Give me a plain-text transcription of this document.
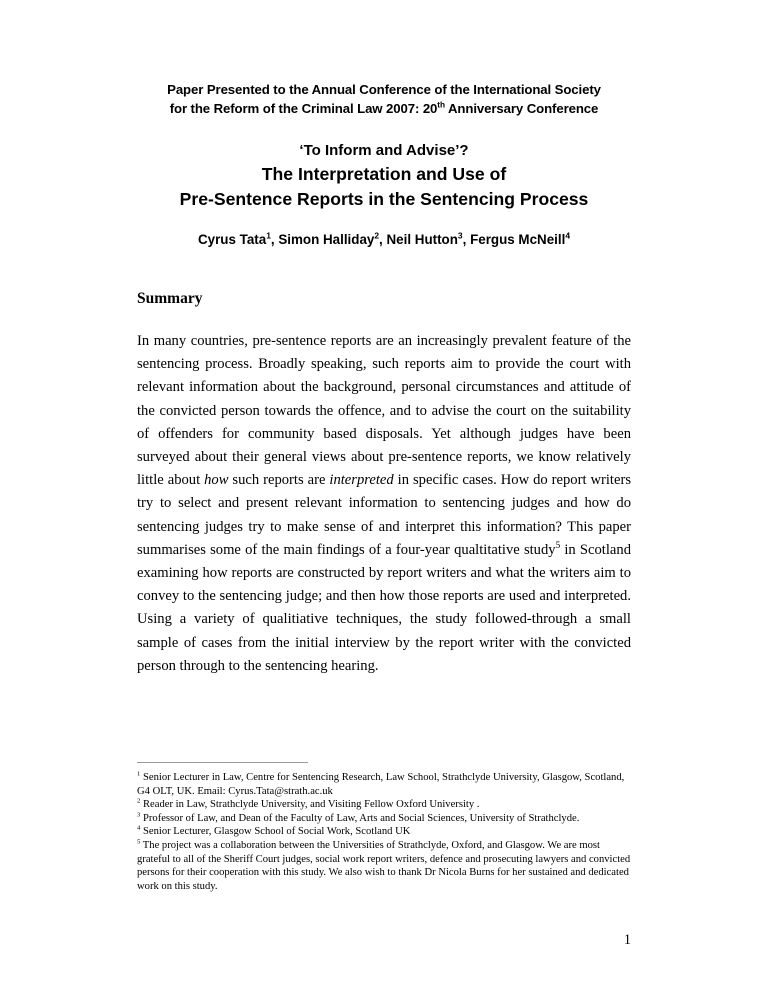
Paper Presented to the Annual Conference of the International Society
for the Reform of the Criminal Law 2007: 20th Anniversary Conference
‘To Inform and Advise’?
The Interpretation and Use of
Pre-Sentence Reports in the Sentencing Process
Cyrus Tata$^1$, Simon Halliday$^2$, Neil Hutton$^3$, Fergus McNeill$^4$
Summary
In many countries, pre-sentence reports are an increasingly prevalent feature of the sentencing process. Broadly speaking, such reports aim to provide the court with relevant information about the background, personal circumstances and attitude of the convicted person towards the offence, and to advise the court on the suitability of offenders for community based disposals. Yet although judges have been surveyed about their general views about pre-sentence reports, we know relatively little about how such reports are interpreted in specific cases. How do report writers try to select and present relevant information to sentencing judges and how do sentencing judges try to make sense of and interpret this information? This paper summarises some of the main findings of a four-year qualtitative study$^5$ in Scotland examining how reports are constructed by report writers and what the writers aim to convey to the sentencing judge; and then how those reports are used and interpreted. Using a variety of qualitiative techniques, the study followed-through a small sample of cases from the initial interview by the report writer with the convicted person through to the sentencing hearing.

$^1$ Senior Lecturer in Law, Centre for Sentencing Research, Law School, Strathclyde University, Glasgow, Scotland, G4 OLT, UK. Email: Cyrus.Tata@strath.ac.uk

$^2$ Reader in Law, Strathclyde University, and Visiting Fellow Oxford University .

$^3$ Professor of Law, and Dean of the Faculty of Law, Arts and Social Sciences, University of Strathclyde.

$^4$ Senior Lecturer, Glasgow School of Social Work, Scotland UK

$^5$ The project was a collaboration between the Universities of Strathclyde, Oxford, and Glasgow. We are most grateful to all of the Sheriff Court judges, social work report writers, defence and prosecuting lawyers and convicted persons for their cooperation with this study. We also wish to thank Dr Nicola Burns for her sustained and dedicated work on this study.

1
